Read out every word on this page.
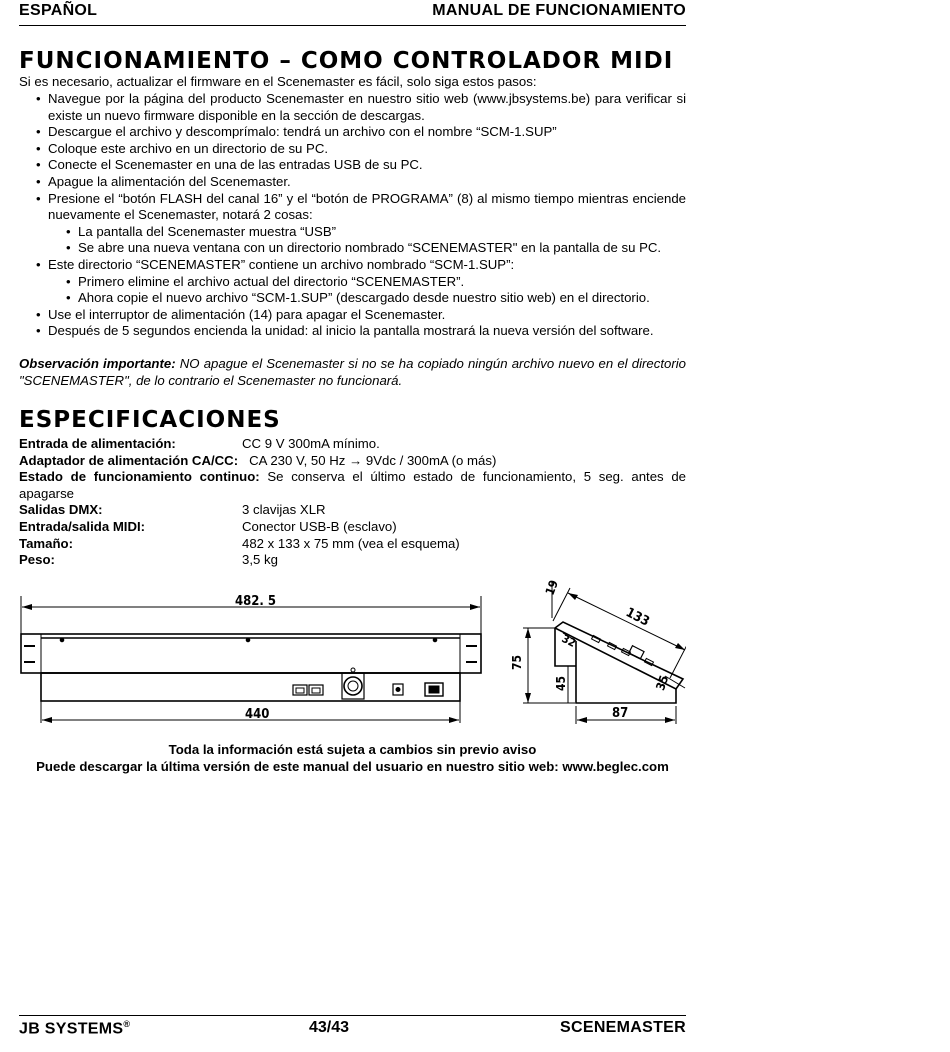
ESPAÑOL	MANUAL DE FUNCIONAMIENTO
FUNCIONAMIENTO – COMO CONTROLADOR MIDI
Si es necesario, actualizar el firmware en el Scenemaster es fácil, solo siga estos pasos:
• Navegue por la página del producto Scenemaster en nuestro sitio web (www.jbsystems.be) para verificar si existe un nuevo firmware disponible en la sección de descargas.
• Descargue el archivo y descomprímalo: tendrá un archivo con el nombre “SCM-1.SUP”
• Coloque este archivo en un directorio de su PC.
• Conecte el Scenemaster en una de las entradas USB de su PC.
• Apague la alimentación del Scenemaster.
• Presione el “botón FLASH del canal 16” y el “botón de PROGRAMA” (8) al mismo tiempo mientras enciende nuevamente el Scenemaster, notará 2 cosas:
• La pantalla del Scenemaster muestra “USB”
• Se abre una nueva ventana con un directorio nombrado “SCENEMASTER" en la pantalla de su PC.
• Este directorio “SCENEMASTER” contiene un archivo nombrado “SCM-1.SUP”:
• Primero elimine el archivo actual del directorio “SCENEMASTER”.
• Ahora copie el nuevo archivo “SCM-1.SUP” (descargado desde nuestro sitio web) en el directorio.
• Use el interruptor de alimentación (14) para apagar el Scenemaster.
• Después de 5 segundos encienda la unidad: al inicio la pantalla mostrará la nueva versión del software.
Observación importante: NO apague el Scenemaster si no se ha copiado ningún archivo nuevo en el directorio "SCENEMASTER", de lo contrario el Scenemaster no funcionará.
ESPECIFICACIONES
Entrada de alimentación:	CC 9 V 300mA mínimo.
Adaptador de alimentación CA/CC: CA 230 V, 50 Hz → 9Vdc / 300mA (o más)
Estado de funcionamiento continuo: Se conserva el último estado de funcionamiento, 5 seg. antes de apagarse
Salidas DMX:	3 clavijas XLR
Entrada/salida MIDI:	Conector USB-B (esclavo)
Tamaño:	482 x 133 x 75 mm (vea el esquema)
Peso:	3,5 kg
482. 5
440
133
19
32
75
45	35
87
Toda la información está sujeta a cambios sin previo aviso
Puede descargar la última versión de este manual del usuario en nuestro sitio web: www.beglec.com
JB SYSTEMS®	43/43	SCENEMASTER
